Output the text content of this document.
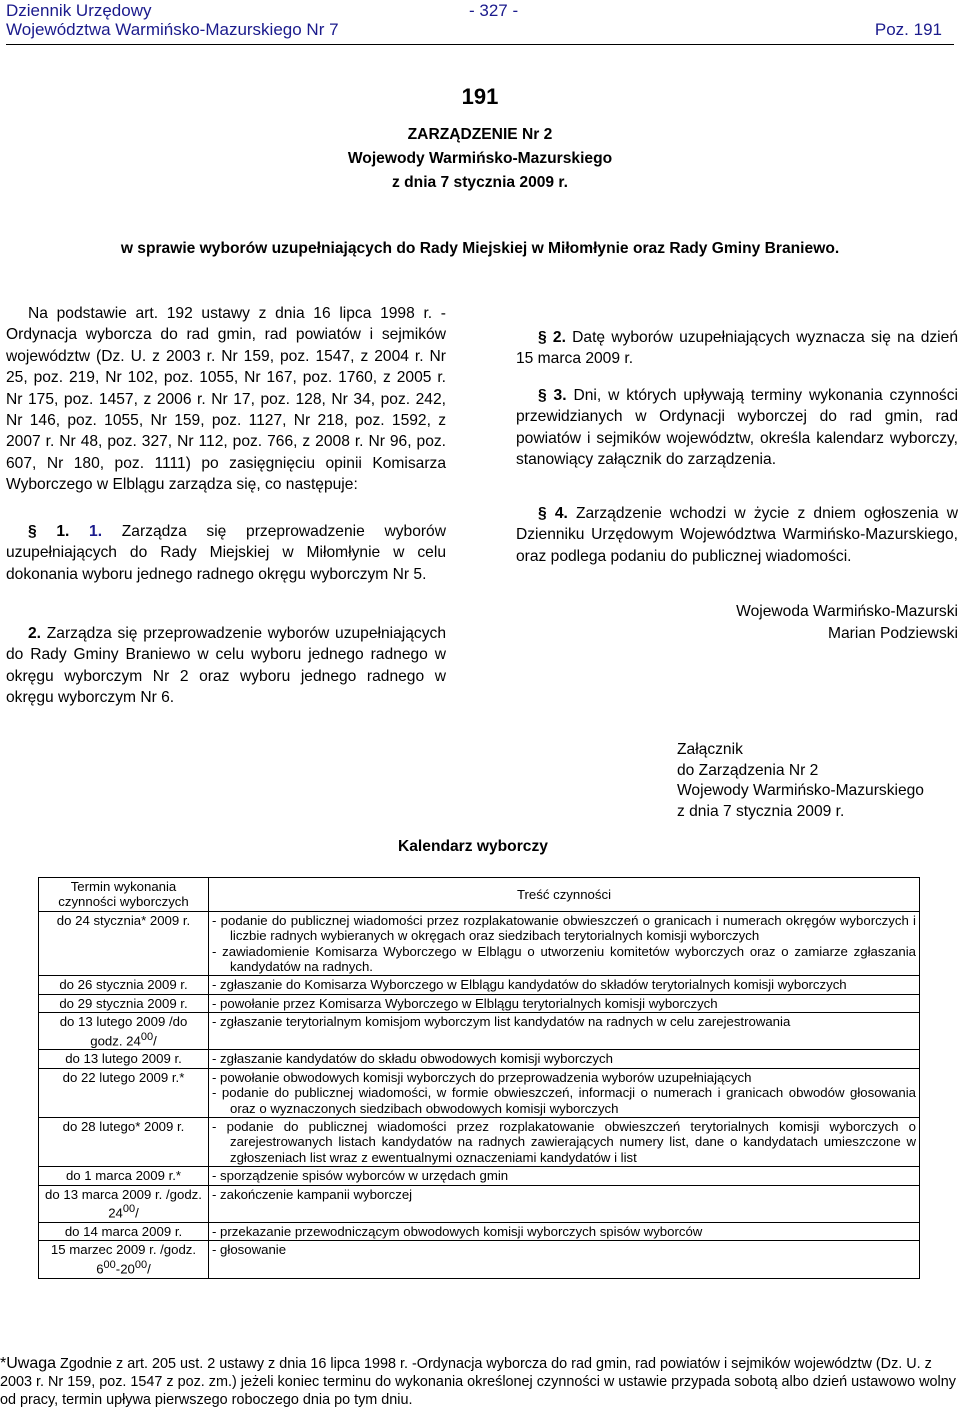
Dziennik Urzędowy
Województwa Warmińsko-Mazurskiego Nr 7
- 327 -
Poz. 191
191
ZARZĄDZENIE Nr 2
Wojewody Warmińsko-Mazurskiego
z dnia 7 stycznia 2009 r.
w sprawie wyborów uzupełniających do Rady Miejskiej w Miłomłynie oraz Rady Gminy Braniewo.
Na podstawie art. 192 ustawy z dnia 16 lipca 1998 r. - Ordynacja wyborcza do rad gmin, rad powiatów i sejmików województw (Dz. U. z 2003 r. Nr 159, poz. 1547, z 2004 r. Nr 25, poz. 219, Nr 102, poz. 1055, Nr 167, poz. 1760, z 2005 r. Nr 175, poz. 1457, z 2006 r. Nr 17, poz. 128, Nr 34, poz. 242, Nr 146, poz. 1055, Nr 159, poz. 1127, Nr 218, poz. 1592, z 2007 r. Nr 48, poz. 327, Nr 112, poz. 766, z 2008 r. Nr 96, poz. 607, Nr 180, poz. 1111) po zasięgnięciu opinii Komisarza Wyborczego w Elblągu zarządza się, co następuje:
§ 1. 1. Zarządza się przeprowadzenie wyborów uzupełniających do Rady Miejskiej w Miłomłynie w celu dokonania wyboru jednego radnego okręgu wyborczym Nr 5.
2. Zarządza się przeprowadzenie wyborów uzupełniających do Rady Gminy Braniewo w celu wyboru jednego radnego w okręgu wyborczym Nr 2 oraz wyboru jednego radnego w okręgu wyborczym Nr 6.
§ 2. Datę wyborów uzupełniających wyznacza się na dzień 15 marca 2009 r.
§ 3. Dni, w których upływają terminy wykonania czynności przewidzianych w Ordynacji wyborczej do rad gmin, rad powiatów i sejmików województw, określa kalendarz wyborczy, stanowiący załącznik do zarządzenia.
§ 4. Zarządzenie wchodzi w życie z dniem ogłoszenia w Dzienniku Urzędowym Województwa Warmińsko-Mazurskiego, oraz podlega podaniu do publicznej wiadomości.
Wojewoda Warmińsko-Mazurski
Marian Podziewski
Załącznik
do Zarządzenia Nr 2
Wojewody Warmińsko-Mazurskiego
z dnia 7 stycznia 2009 r.
Kalendarz wyborczy
Termin wykonania czynności wyborczych	Treść czynności
do 24 stycznia* 2009 r.	- podanie do publicznej wiadomości przez rozplakatowanie obwieszczeń o granicach i numerach okręgów wyborczych i liczbie radnych wybieranych w okręgach oraz siedzibach terytorialnych komisji wyborczych
- zawiadomienie Komisarza Wyborczego w Elblągu o utworzeniu komitetów wyborczych oraz o zamiarze zgłaszania kandydatów na radnych.

do 26 stycznia 2009 r.	- zgłaszanie do Komisarza Wyborczego w Elblągu kandydatów do składów terytorialnych komisji wyborczych

do 29 stycznia 2009 r.	- powołanie przez Komisarza Wyborczego w Elblągu terytorialnych komisji wyborczych

do 13 lutego 2009 /do godz. $24^{00}/$	- zgłaszanie terytorialnym komisjom wyborczym list kandydatów na radnych w celu zarejestrowania

do 13 lutego 2009 r.	- zgłaszanie kandydatów do składu obwodowych komisji wyborczych

do 22 lutego 2009 r.*	- powołanie obwodowych komisji wyborczych do przeprowadzenia wyborów uzupełniających
- podanie do publicznej wiadomości, w formie obwieszczeń, informacji o numerach i granicach obwodów głosowania oraz o wyznaczonych siedzibach obwodowych komisji wyborczych

do 28 lutego* 2009 r.	- podanie do publicznej wiadomości przez rozplakatowanie obwieszczeń terytorialnych komisji wyborczych o zarejestrowanych listach kandydatów na radnych zawierających numery list, dane o kandydatach umieszczone w zgłoszeniach list wraz z ewentualnymi oznaczeniami kandydatów i list

do 1 marca 2009 r.*	- sporządzenie spisów wyborców w urzędach gmin

do 13 marca 2009 r. /godz. $24^{00}/$	- zakończenie kampanii wyborczej

do 14 marca 2009 r.	- przekazanie przewodniczącym obwodowych komisji wyborczych spisów wyborców

15 marzec 2009 r. /godz. $6^{00}-20^{00}/$	- głosowanie
*Uwaga Zgodnie z art. 205 ust. 2 ustawy z dnia 16 lipca 1998 r. -Ordynacja wyborcza do rad gmin, rad powiatów i sejmików województw (Dz. U. z 2003 r. Nr 159, poz. 1547 z poz. zm.) jeżeli koniec terminu do wykonania określonej czynności w ustawie przypada sobotą albo dzień ustawowo wolny od pracy, termin upływa pierwszego roboczego dnia po tym dniu.
